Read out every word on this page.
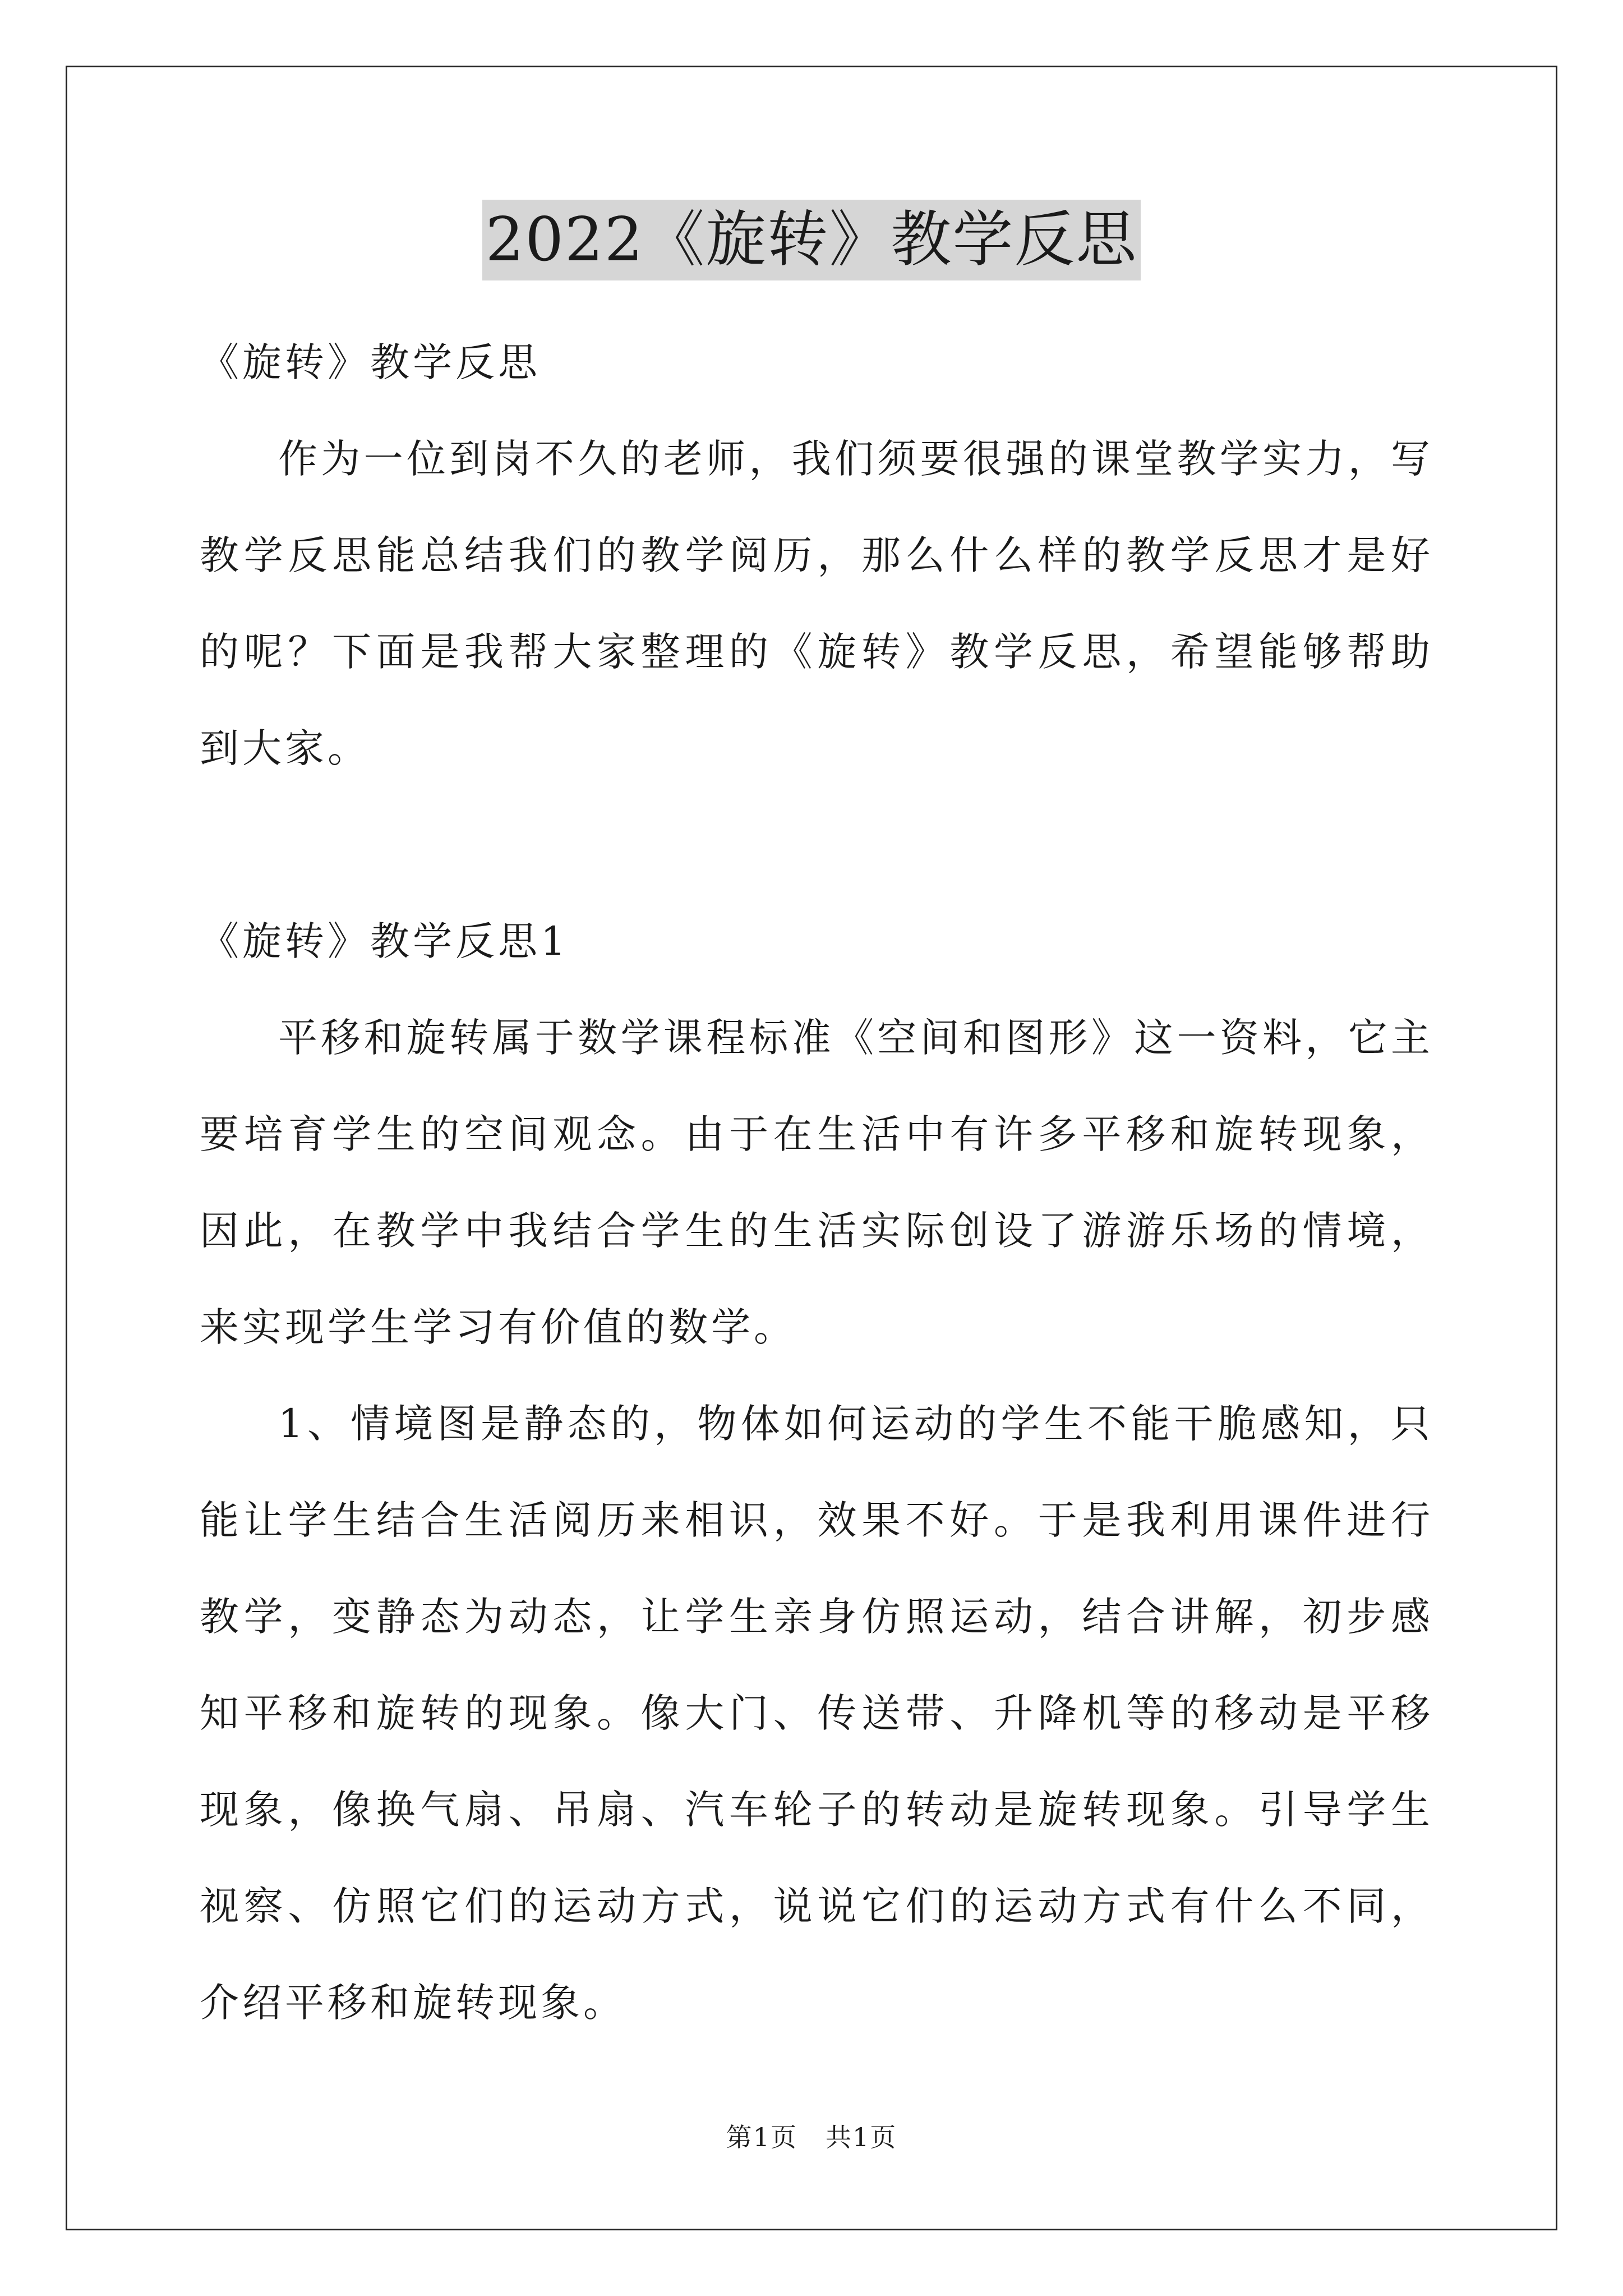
2022《旋转》教学反思

《旋转》教学反思

作为一位到岗不久的老师，我们须要很强的课堂教学实力，写教学反思能总结我们的教学阅历，那么什么样的教学反思才是好的呢？下面是我帮大家整理的《旋转》教学反思，希望能够帮助到大家。

《旋转》教学反思1

平移和旋转属于数学课程标准《空间和图形》这一资料，它主要培育学生的空间观念。由于在生活中有许多平移和旋转现象，因此，在教学中我结合学生的生活实际创设了游游乐场的情境，来实现学生学习有价值的数学。

1、情境图是静态的，物体如何运动的学生不能干脆感知，只能让学生结合生活阅历来相识，效果不好。于是我利用课件进行教学，变静态为动态，让学生亲身仿照运动，结合讲解，初步感知平移和旋转的现象。像大门、传送带、升降机等的移动是平移现象，像换气扇、吊扇、汽车轮子的转动是旋转现象。引导学生视察、仿照它们的运动方式，说说它们的运动方式有什么不同，介绍平移和旋转现象。

第1页 共1页
